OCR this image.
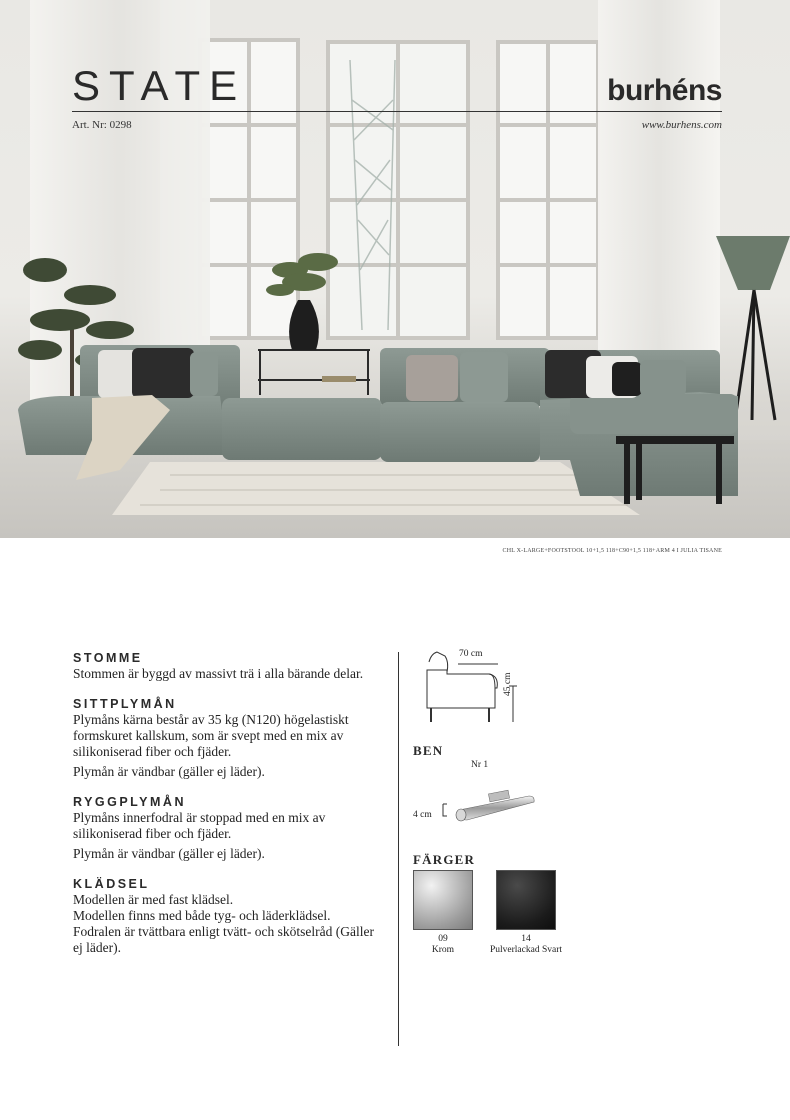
STATE	burhéns
Art. Nr: 0298	www.burhens.com
CHL X-LARGE+FOOTSTOOL 10+1,5 118+C90+1,5 118+ARM 4 I JULIA TISANE
STOMME

Stommen är byggd av massivt trä i alla bärande delar.

SITTPLYMÅN

Plymåns kärna består av 35 kg (N120) högelastiskt formskuret kallskum, som är svept med en mix av silikoniserad fiber och fjäder.

Plymån är vändbar (gäller ej läder).

RYGGPLYMÅN

Plymåns innerfodral är stoppad med en mix av silikoniserad fiber och fjäder.

Plymån är vändbar (gäller ej läder).

KLÄDSEL

Modellen är med fast klädsel.

Modellen finns med både tyg- och läderklädsel.

Fodralen är tvättbara enligt tvätt- och skötselråd (Gäller ej läder).

70 cm
45 cm
BEN
Nr 1
4 cm
FÄRGER
09
Krom
14
Pulverlackad Svart
